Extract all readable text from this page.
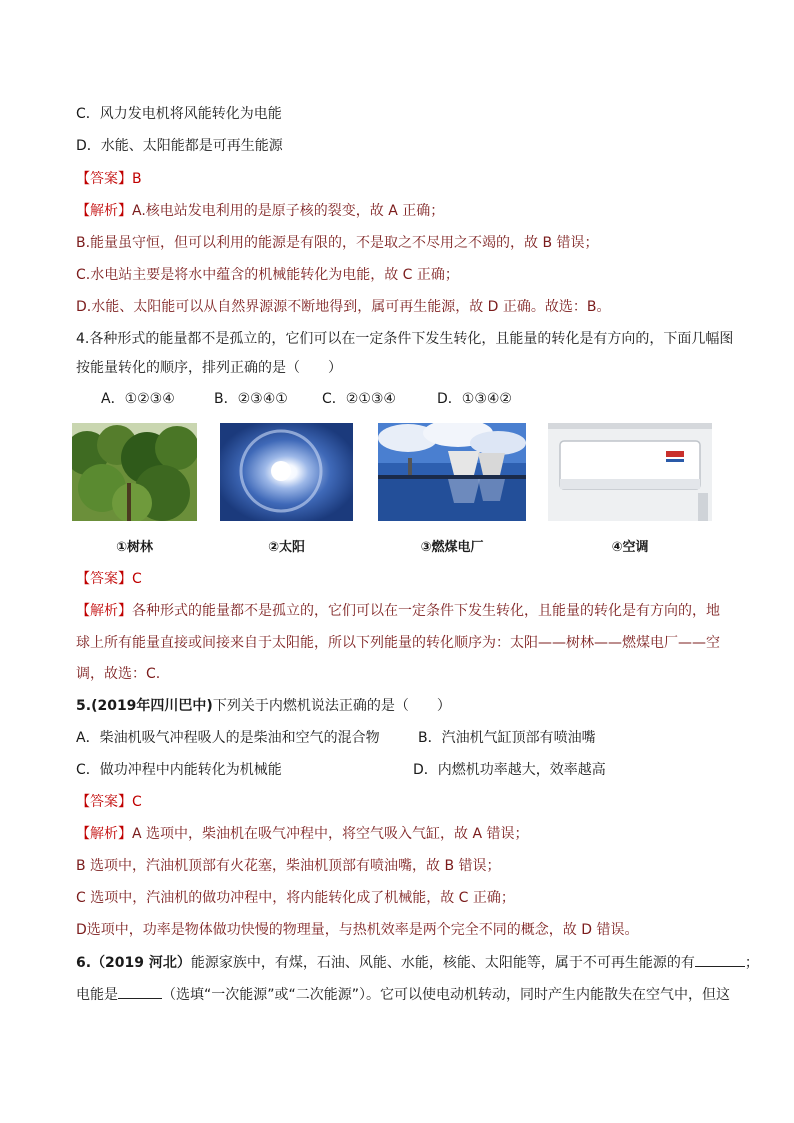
C．风力发电机将风能转化为电能
D．水能、太阳能都是可再生能源
【答案】B
【解析】A.核电站发电利用的是原子核的裂变，故 A 正确；
B.能量虽守恒，但可以利用的能源是有限的，不是取之不尽用之不竭的，故 B 错误；
C.水电站主要是将水中蕴含的机械能转化为电能，故 C 正确；
D.水能、太阳能可以从自然界源源不断地得到，属可再生能源，故 D 正确。故选：B。
4.各种形式的能量都不是孤立的，它们可以在一定条件下发生转化，且能量的转化是有方向的，下面几幅图
按能量转化的顺序，排列正确的是（　　）
A．①②③④	B．②③④① C．②①③④	D．①③④②
①树林	②太阳	③燃煤电厂	④空调
【答案】C
【解析】各种形式的能量都不是孤立的，它们可以在一定条件下发生转化，且能量的转化是有方向的，地
球上所有能量直接或间接来自于太阳能，所以下列能量的转化顺序为：太阳——树林——燃煤电厂——空
调，故选：C.
5.(2019年四川巴中)下列关于内燃机说法正确的是（　　）
A．柴油机吸气冲程吸人的是柴油和空气的混合物	B．汽油机气缸顶部有喷油嘴
C．做功冲程中内能转化为机械能	D．内燃机功率越大，效率越高
【答案】C
【解析】A 选项中，柴油机在吸气冲程中，将空气吸入气缸，故 A 错误；
B 选项中，汽油机顶部有火花塞，柴油机顶部有喷油嘴，故 B 错误；
C 选项中，汽油机的做功冲程中，将内能转化成了机械能，故 C 正确；
D选项中，功率是物体做功快慢的物理量，与热机效率是两个完全不同的概念，故 D 错误。
6.（2019 河北）能源家族中，有煤，石油、风能、水能，核能、太阳能等，属于不可再生能源的有	；
电能是	（选填“一次能源”或“二次能源”）。它可以使电动机转动，同时产生内能散失在空气中，但这
